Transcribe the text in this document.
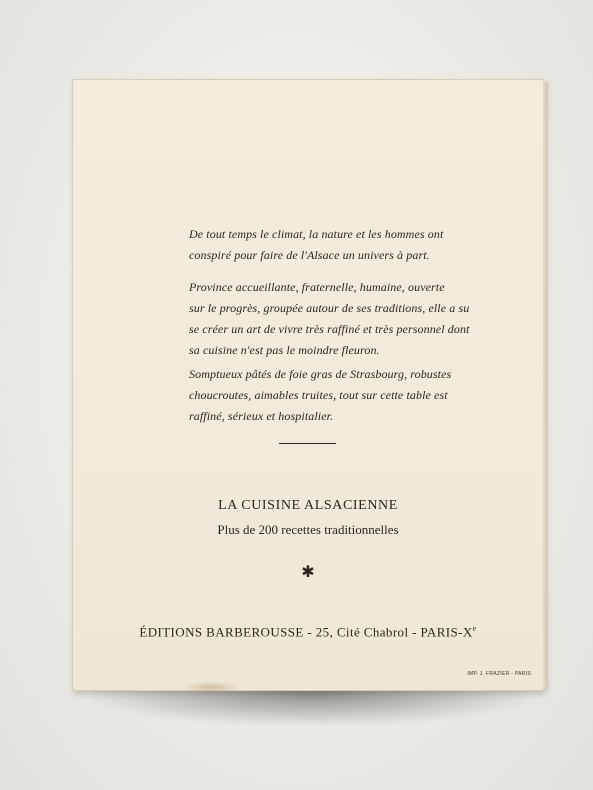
De tout temps le climat, la nature et les hommes ont

conspiré pour faire de l'Alsace un univers à part.

Province accueillante, fraternelle, humaine, ouverte

sur le progrès, groupée autour de ses traditions, elle a su

se créer un art de vivre très raffiné et très personnel dont

sa cuisine n'est pas le moindre fleuron.

Somptueux pâtés de foie gras de Strasbourg, robustes

choucroutes, aimables truites, tout sur cette table est

raffiné, sérieux et hospitalier.

LA CUISINE ALSACIENNE
Plus de 200 recettes traditionnelles
✱
ÉDITIONS BARBEROUSSE - 25, Cité Chabrol - PARIS-Xe
IMP. J. FRAZIER - PARIS
